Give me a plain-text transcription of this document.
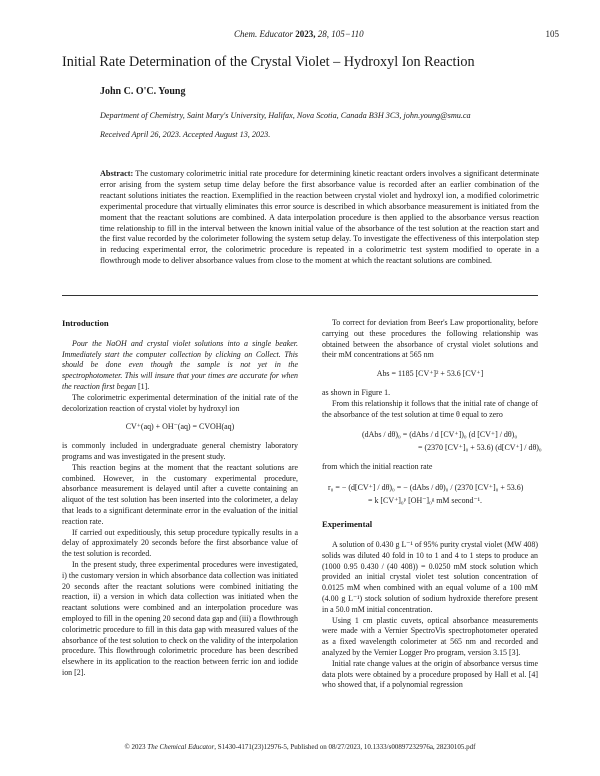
Chem. Educator 2023, 28, 105−110	105
Initial Rate Determination of the Crystal Violet – Hydroxyl Ion Reaction
John C. O'C. Young
Department of Chemistry, Saint Mary's University, Halifax, Nova Scotia, Canada B3H 3C3, john.young@smu.ca
Received April 26, 2023. Accepted August 13, 2023.
Abstract: The customary colorimetric initial rate procedure for determining kinetic reactant orders involves a significant determinate error arising from the system setup time delay before the first absorbance value is recorded after an earlier combination of the reactant solutions initiates the reaction. Exemplified in the reaction between crystal violet and hydroxyl ion, a modified colorimetric experimental procedure that virtually eliminates this error source is described in which absorbance measurement is initiated from the moment that the reactant solutions are combined. A data interpolation procedure is then applied to the absorbance versus reaction time relationship to fill in the interval between the known initial value of the absorbance of the test solution at the reaction start and the first value recorded by the colorimeter following the system setup delay. To investigate the effectiveness of this interpolation step in reducing experimental error, the colorimetric procedure is repeated in a colorimetric test system modified to operate in a flowthrough mode to deliver absorbance values from close to the moment at which the reactant solutions are combined.
Introduction

Pour the NaOH and crystal violet solutions into a single beaker. Immediately start the computer collection by clicking on Collect. This should be done even though the sample is not yet in the spectrophotometer. This will insure that your times are accurate for when the reaction first began [1].

The colorimetric experimental determination of the initial rate of the decolorization reaction of crystal violet by hydroxyl ion

CV⁺(aq) + OH⁻(aq) = CVOH(aq)

is commonly included in undergraduate general chemistry laboratory programs and was investigated in the present study.

This reaction begins at the moment that the reactant solutions are combined. However, in the customary experimental procedure, absorbance measurement is delayed until after a cuvette containing an aliquot of the test solution has been inserted into the colorimeter, a delay that leads to a significant determinate error in the evaluation of the initial reaction rate.

If carried out expeditiously, this setup procedure typically results in a delay of approximately 20 seconds before the first absorbance value of the test solution is recorded.

In the present study, three experimental procedures were investigated, i) the customary version in which absorbance data collection was initiated 20 seconds after the reactant solutions were combined initiating the reaction, ii) a version in which data collection was initiated when the reactant solutions were combined and an interpolation procedure was employed to fill in the opening 20 second data gap and (iii) a flowthrough colorimetric procedure to fill in this data gap with measured values of the absorbance of the test solution to check on the validity of the interpolation procedure. This flowthrough colorimetric procedure has been described elsewhere in its application to the reaction between ferric ion and iodide ion [2].

To correct for deviation from Beer's Law proportionality, before carrying out these procedures the following relationship was obtained between the absorbance of crystal violet solutions and their mM concentrations at 565 nm

Abs = 1185 [CV⁺]² + 53.6 [CV⁺]

as shown in Figure 1.

From this relationship it follows that the initial rate of change of the absorbance of the test solution at time θ equal to zero

(dAbs / dθ)₀ = (dAbs / d [CV⁺])₀ (d [CV⁺] / dθ)₀
= (2370 [CV⁺]₀ + 53.6) (d[CV⁺] / dθ)₀

from which the initial reaction rate

r₀ = − (d[CV⁺] / dθ)₀ = − (dAbs / dθ)₀ / (2370 [CV⁺]₀ + 53.6)
= k [CV⁺]₀ᵖ [OH⁻]₀ᵍ mM second⁻¹.
Experimental

A solution of 0.430 g L⁻¹ of 95% purity crystal violet (MW 408) solids was diluted 40 fold in 10 to 1 and 4 to 1 steps to produce an (1000 0.95 0.430 / (40 408)) = 0.0250 mM stock solution which provided an initial crystal violet test solution concentration of 0.0125 mM when combined with an equal volume of a 100 mM (4.00 g L⁻¹) stock solution of sodium hydroxide therefore present in a 50.0 mM initial concentration.

Using 1 cm plastic cuvets, optical absorbance measurements were made with a Vernier SpectroVis spectrophotometer operated as a fixed wavelength colorimeter at 565 nm and recorded and analyzed by the Vernier Logger Pro program, version 3.15 [3].

Initial rate change values at the origin of absorbance versus time data plots were obtained by a procedure proposed by Hall et al. [4] who showed that, if a polynomial regression

© 2023 The Chemical Educator, S1430-4171(23)12976-5, Published on 08/27/2023, 10.1333/s00897232976a, 28230105.pdf
